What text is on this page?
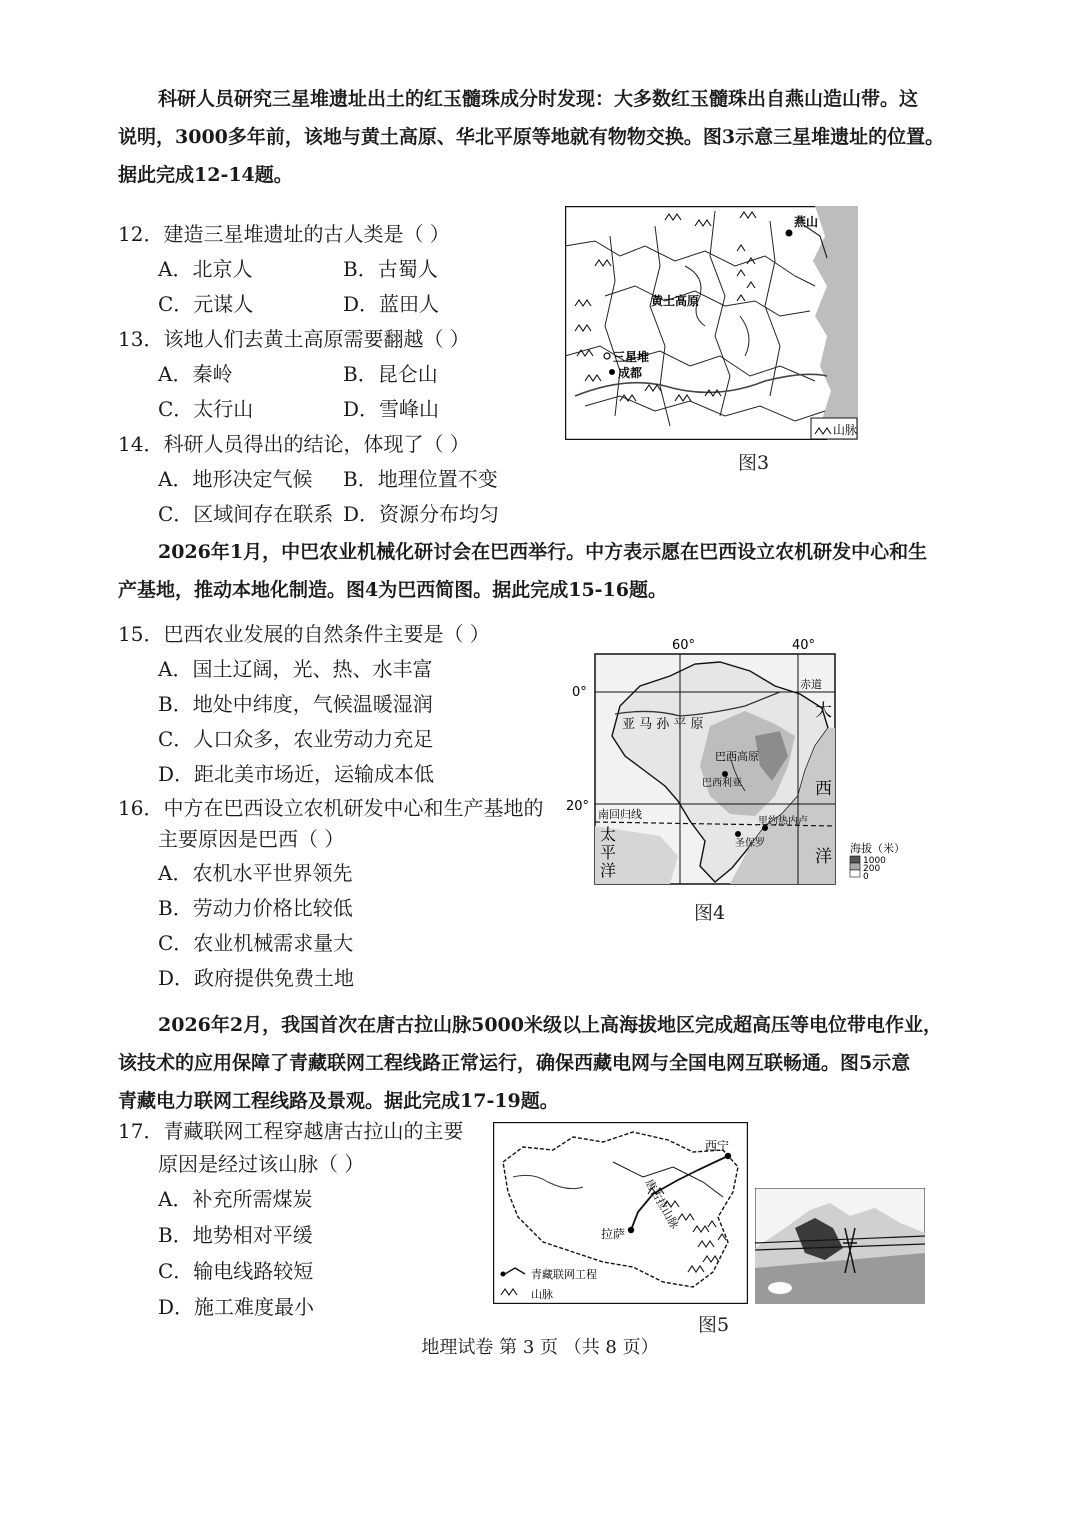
科研人员研究三星堆遗址出土的红玉髓珠成分时发现：大多数红玉髓珠出自燕山造山带。这
说明，3000多年前，该地与黄土高原、华北平原等地就有物物交换。图3示意三星堆遗址的位置。
据此完成12-14题。
12．建造三星堆遗址的古人类是（ ）
A．北京人	B．古蜀人
C．元谋人	D．蓝田人
13．该地人们去黄土高原需要翻越（ ）
A．秦岭	B．昆仑山
C．太行山	D．雪峰山
14．科研人员得出的结论，体现了（ ）
A．地形决定气候 B．地理位置不变
C．区域间存在联系 D．资源分布均匀
燕山
黄土高原
三星堆
成都
山脉
图3
2026年1月，中巴农业机械化研讨会在巴西举行。中方表示愿在巴西设立农机研发中心和生
产基地，推动本地化制造。图4为巴西简图。据此完成15-16题。
15．巴西农业发展的自然条件主要是（ ）
A．国土辽阔，光、热、水丰富
B．地处中纬度，气候温暖湿润
C．人口众多，农业劳动力充足
D．距北美市场近，运输成本低
16．中方在巴西设立农机研发中心和生产基地的
主要原因是巴西（ ）
A．农机水平世界领先
B．劳动力价格比较低
C．农业机械需求量大
D．政府提供免费土地
60°	40°
0°
20°
赤道
大
西
洋
太
平
洋
南回归线
亚 马 孙 平 原
巴西高原
巴西利亚
里约热内卢
圣保罗	海拔（米）
1000
200
0
图4
2026年2月，我国首次在唐古拉山脉5000米级以上高海拔地区完成超高压等电位带电作业，
该技术的应用保障了青藏联网工程线路正常运行，确保西藏电网与全国电网互联畅通。图5示意
青藏电力联网工程线路及景观。据此完成17-19题。
17．青藏联网工程穿越唐古拉山的主要
原因是经过该山脉（ ）
A．补充所需煤炭
B．地势相对平缓
C．输电线路较短
D．施工难度最小
西宁
拉萨
唐古拉山脉
青藏联网工程
山脉
图5
地理试卷 第 3 页 （共 8 页）
